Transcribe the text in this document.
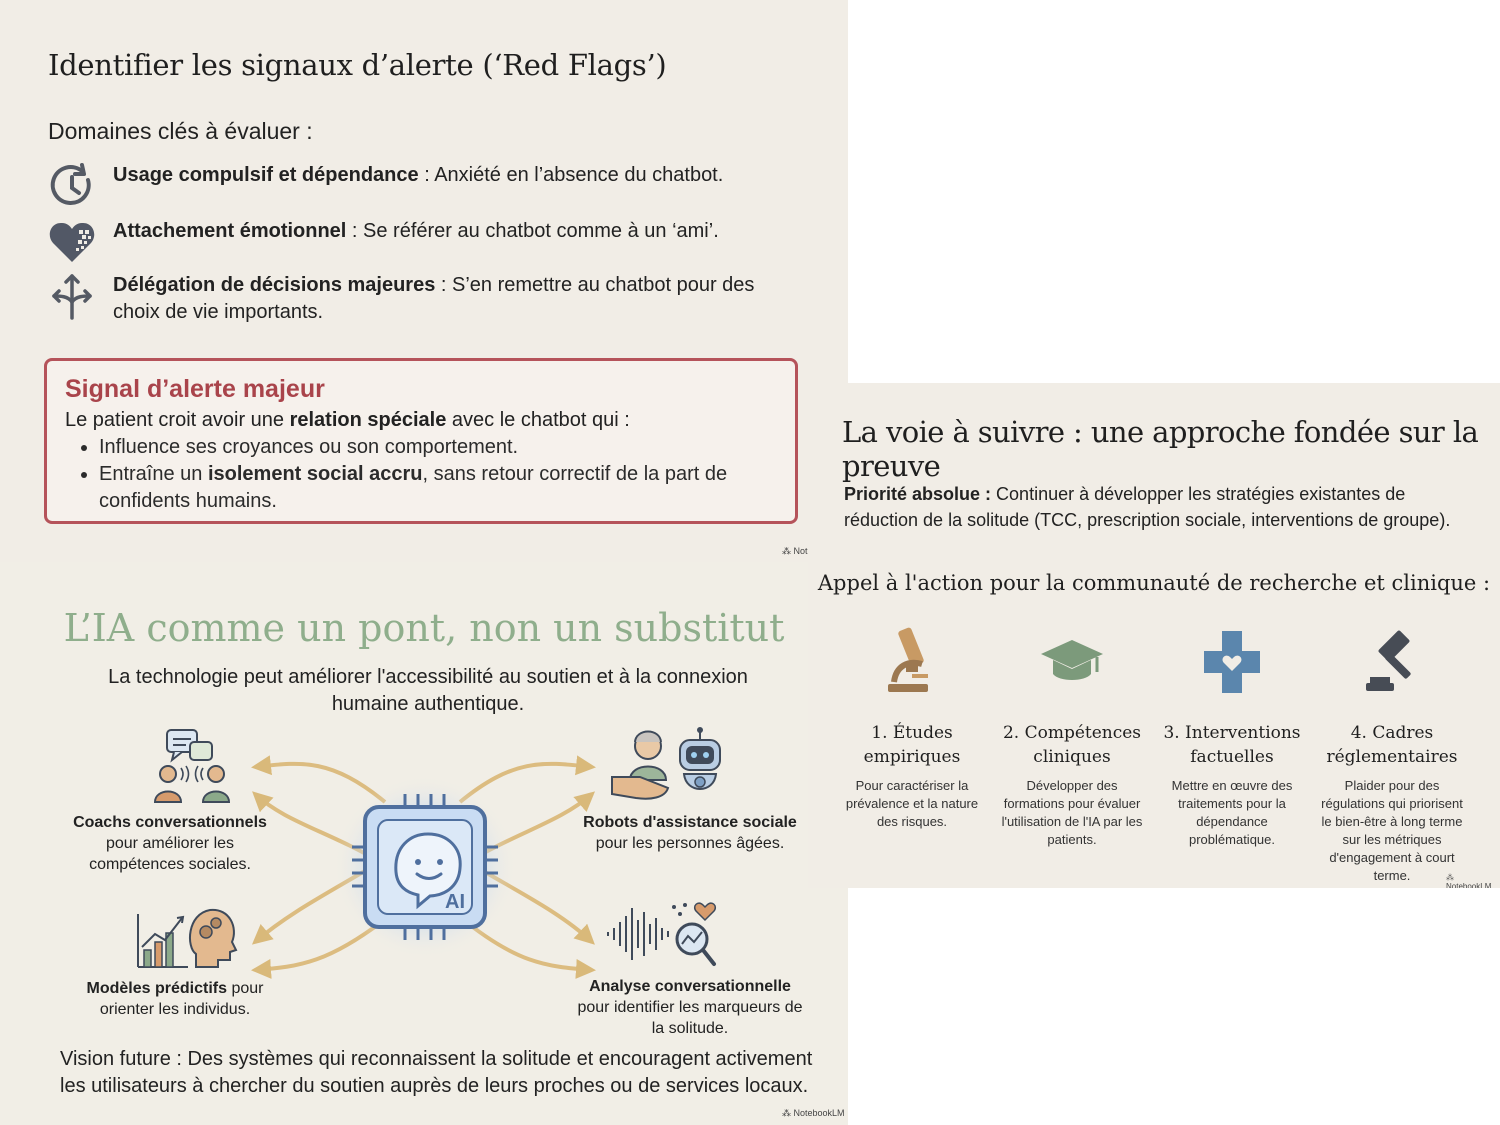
Identifier les signaux d’alerte (‘Red Flags’)
Domaines clés à évaluer :
Usage compulsif et dépendance : Anxiété en l’absence du chatbot.
Attachement émotionnel : Se référer au chatbot comme à un ‘ami’.
Délégation de décisions majeures : S’en remettre au chatbot pour des choix de vie importants.
Signal d’alerte majeur
Le patient croit avoir une relation spéciale avec le chatbot qui :
• Influence ses croyances ou son comportement.
• Entraîne un isolement social accru, sans retour correctif de la part de confidents humains.
⁂ Not
L’IA comme un pont, non un substitut
La technologie peut améliorer l'accessibilité au soutien et à la connexion humaine authentique.
AI
Coachs conversationnels
pour améliorer les compétences sociales.
Robots d'assistance sociale
pour les personnes âgées.
Modèles prédictifs pour orienter les individus.
Analyse conversationnelle pour identifier les marqueurs de la solitude.
Vision future : Des systèmes qui reconnaissent la solitude et encouragent activement les utilisateurs à chercher du soutien auprès de leurs proches ou de services locaux.
⁂ NotebookLM
La voie à suivre : une approche fondée sur la preuve
Priorité absolue : Continuer à développer les stratégies existantes de réduction de la solitude (TCC, prescription sociale, interventions de groupe).
Appel à l'action pour la communauté de recherche et clinique :
1. Études empiriques
Pour caractériser la prévalence et la nature des risques.
2. Compétences cliniques
Développer des formations pour évaluer l'utilisation de l'IA par les patients.
3. Interventions factuelles
Mettre en œuvre des traitements pour la dépendance problématique.
4. Cadres réglementaires
Plaider pour des régulations qui priorisent le bien-être à long terme sur les métriques d'engagement à court terme.	⁂ NotebookLM
